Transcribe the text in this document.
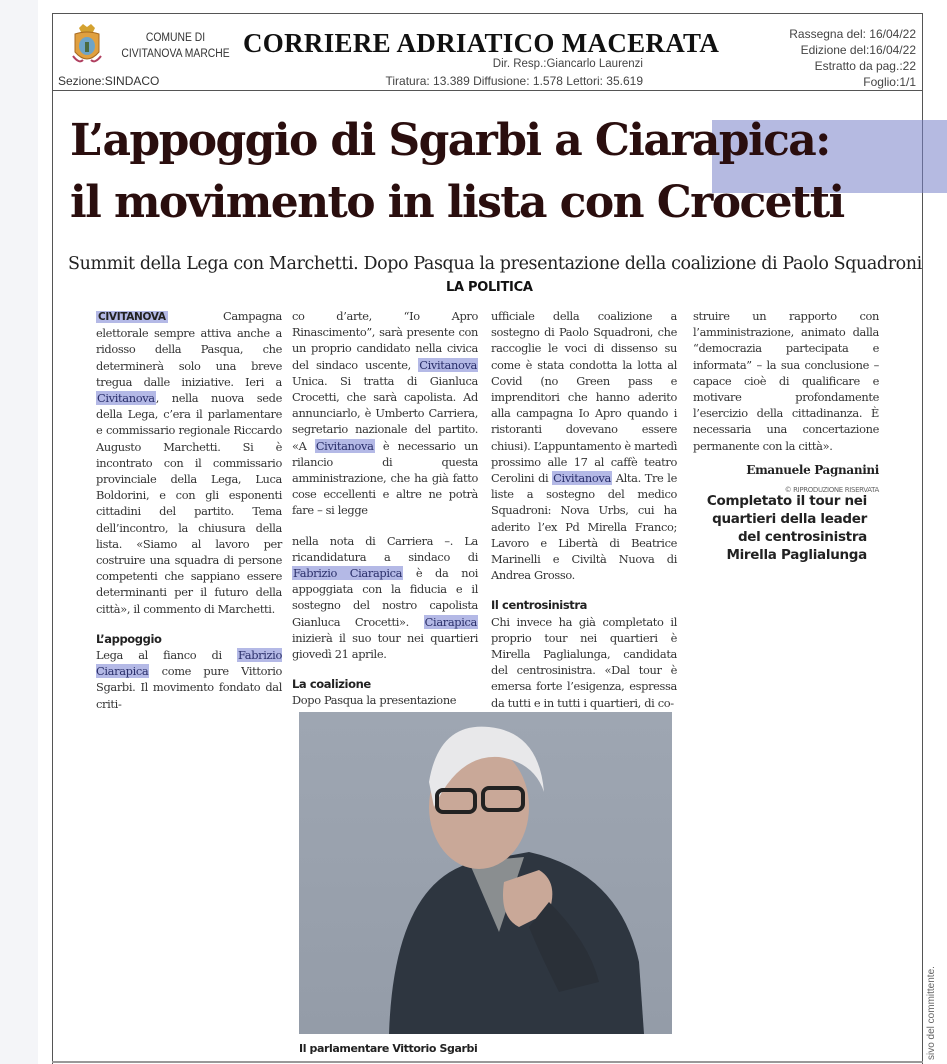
COMUNE DI
CIVITANOVA MARCHE
Sezione:SINDACO
CORRIERE ADRIATICO MACERATA
Dir. Resp.:Giancarlo Laurenzi
Tiratura: 13.389 Diffusione: 1.578 Lettori: 35.619
Rassegna del: 16/04/22
Edizione del:16/04/22
Estratto da pag.:22
Foglio:1/1
L’appoggio di Sgarbi a Ciarapica:
il movimento in lista con Crocetti
Summit della Lega con Marchetti. Dopo Pasqua la presentazione della coalizione di Paolo Squadroni
LA POLITICA

CIVITANOVA Campagna elettorale sempre attiva anche a ridosso della Pasqua, che determinerà solo una breve tregua dalle iniziative. Ieri a Civitanova, nella nuova sede della Lega, c’era il parlamentare e commissario regionale Riccardo Augusto Marchetti. Si è incontrato con il commissario provinciale della Lega, Luca Boldorini, e con gli esponenti cittadini del partito. Tema dell’incontro, la chiusura della lista. «Siamo al lavoro per costruire una squadra di persone competenti che sappiano essere determinanti per il futuro della città», il commento di Marchetti.

L’appoggio

Lega al fianco di Fabrizio Ciarapica come pure Vittorio Sgarbi. Il movimento fondato dal criti-

co d’arte, “Io Apro Rinascimento”, sarà presente con un proprio candidato nella civica del sindaco uscente, Civitanova Unica. Si tratta di Gianluca Crocetti, che sarà capolista. Ad annunciarlo, è Umberto Carriera, segretario nazionale del partito. «A Civitanova è necessario un rilancio di questa amministrazione, che ha già fatto cose eccellenti e altre ne potrà fare – si legge

nella nota di Carriera –. La ricandidatura a sindaco di Fabrizio Ciarapica è da noi appoggiata con la fiducia e il sostegno del nostro capolista Gianluca Crocetti». Ciarapica inizierà il suo tour nei quartieri giovedì 21 aprile.

La coalizione

Dopo Pasqua la presentazione

ufficiale della coalizione a sostegno di Paolo Squadroni, che raccoglie le voci di dissenso su come è stata condotta la lotta al Covid (no Green pass e imprenditori che hanno aderito alla campagna Io Apro quando i ristoranti dovevano essere chiusi). L’appuntamento è martedì prossimo alle 17 al caffè teatro Cerolini di Civitanova Alta. Tre le liste a sostegno del medico Squadroni: Nova Urbs, cui ha aderito l’ex Pd Mirella Franco; Lavoro e Libertà di Beatrice Marinelli e Civiltà Nuova di Andrea Grosso.

Il centrosinistra

Chi invece ha già completato il proprio tour nei quartieri è Mirella Paglialunga, candidata del centrosinistra. «Dal tour è emersa forte l’esigenza, espressa da tutti e in tutti i quartieri, di co-

struire un rapporto con l’amministrazione, animato dalla “democrazia partecipata e informata” – la sua conclusione – capace cioè di qualificare e motivare profondamente l’esercizio della cittadinanza. È necessaria una concertazione permanente con la città».

Emanuele Pagnanini

© RIPRODUZIONE RISERVATA

Completato il tour nei quartieri della leader del centrosinistra Mirella Paglialunga
Il parlamentare Vittorio Sgarbi	sivo del committente.
